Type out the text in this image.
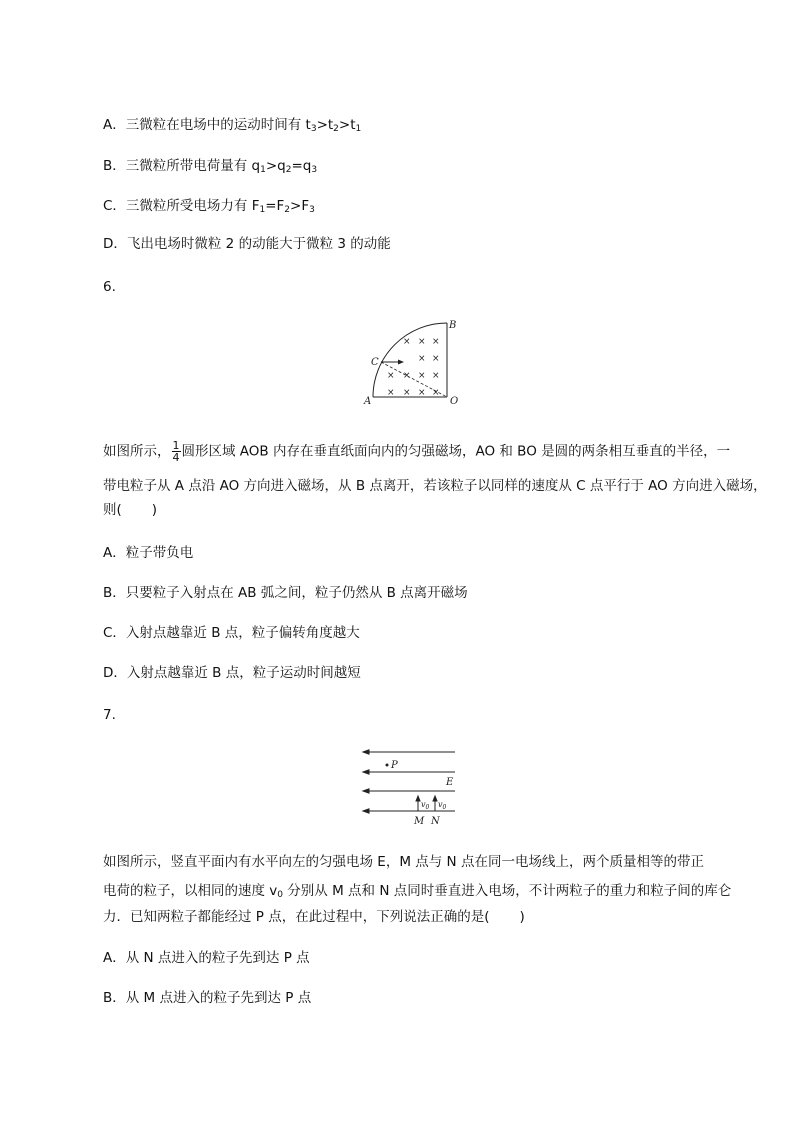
A．三微粒在电场中的运动时间有 $t_3>t_2>t_1$
B．三微粒所带电荷量有 $q_1>q_2=q_3$
C．三微粒所受电场力有 $F_1=F_2>F_3$
D．飞出电场时微粒 2 的动能大于微粒 3 的动能
6.
× × ×
× ×
× × × ×
× × × ×
A
B
C
O
如图所示， $\frac{1}{4}$ 圆形区域 AOB 内存在垂直纸面向内的匀强磁场，AO 和 BO 是圆的两条相互垂直的半径，一
带电粒子从 A 点沿 AO 方向进入磁场，从 B 点离开，若该粒子以同样的速度从 C 点平行于 AO 方向进入磁场，
则( )
A．粒子带负电
B．只要粒子入射点在 AB 弧之间，粒子仍然从 B 点离开磁场
C．入射点越靠近 B 点，粒子偏转角度越大
D．入射点越靠近 B 点，粒子运动时间越短
7.
P
E
$v_0$ $v_0$
M N
如图所示，竖直平面内有水平向左的匀强电场 E，M 点与 N 点在同一电场线上，两个质量相等的带正
电荷的粒子，以相同的速度 $v_0$ 分别从 M 点和 N 点同时垂直进入电场，不计两粒子的重力和粒子间的库仑
力．已知两粒子都能经过 P 点，在此过程中，下列说法正确的是( )
A．从 N 点进入的粒子先到达 P 点
B．从 M 点进入的粒子先到达 P 点
